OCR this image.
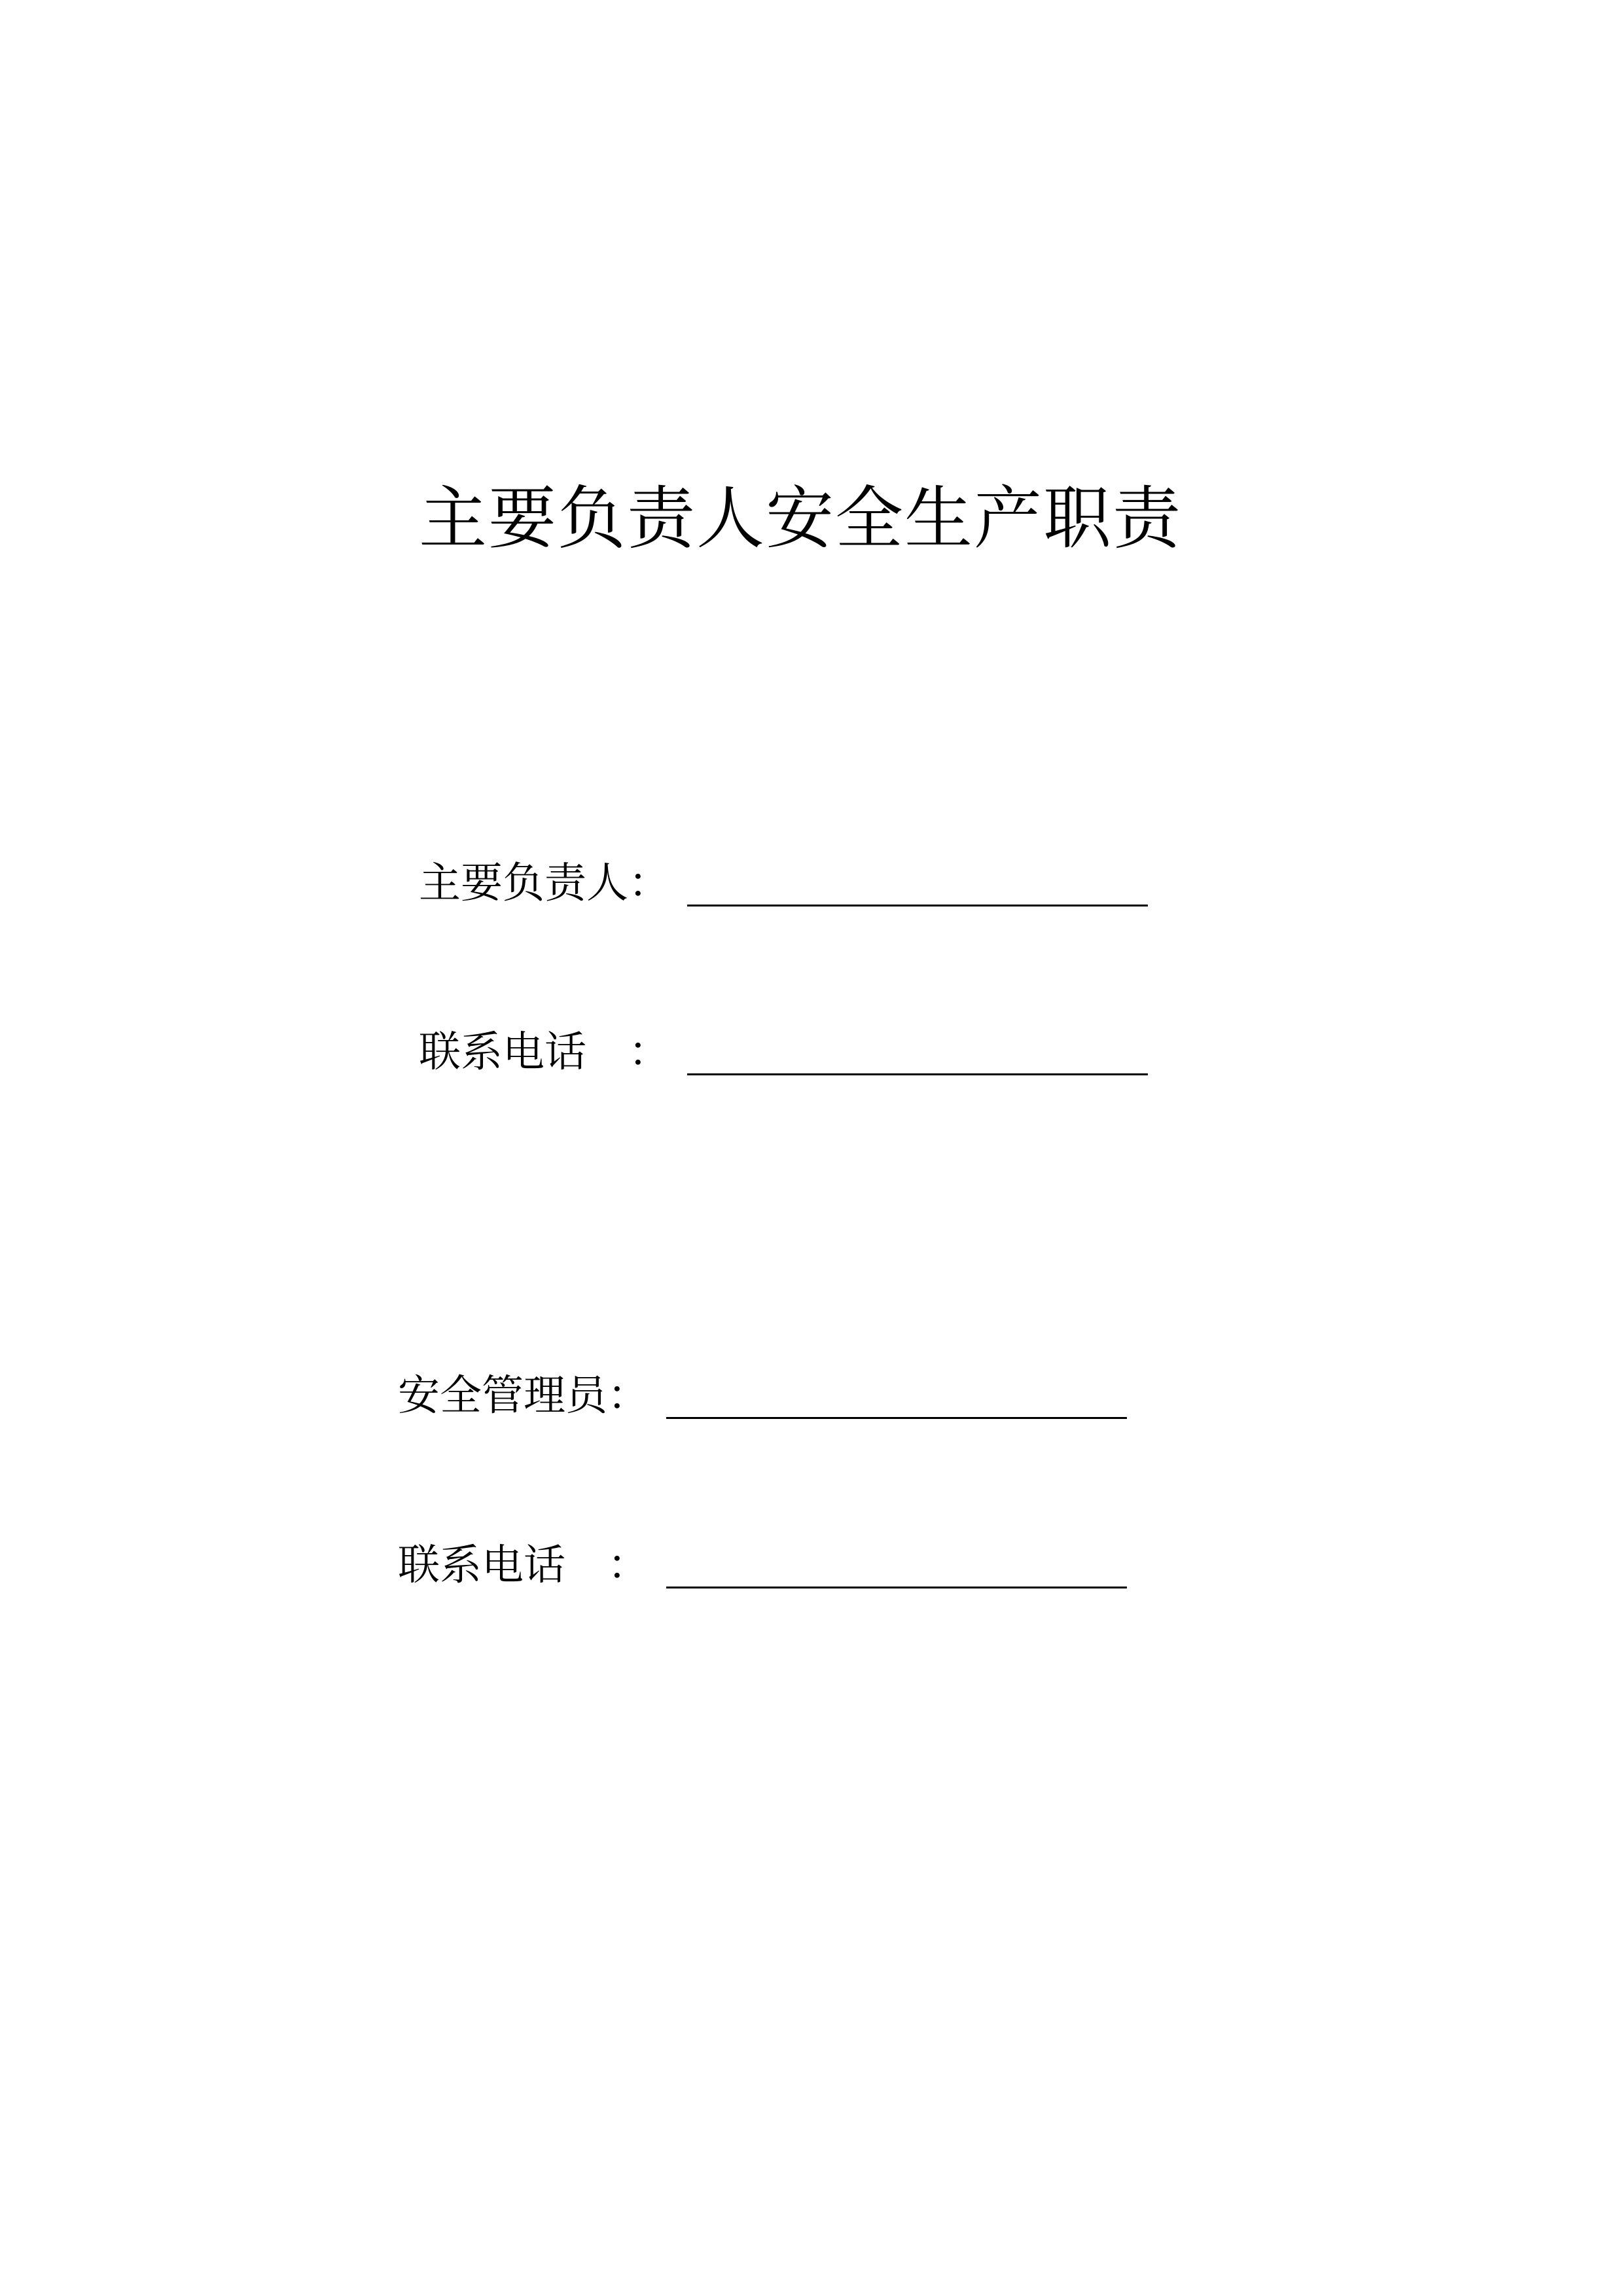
主要负责人安全生产职责
主要负责人：
联系电话　：
安全管理员：
联系电话　：
